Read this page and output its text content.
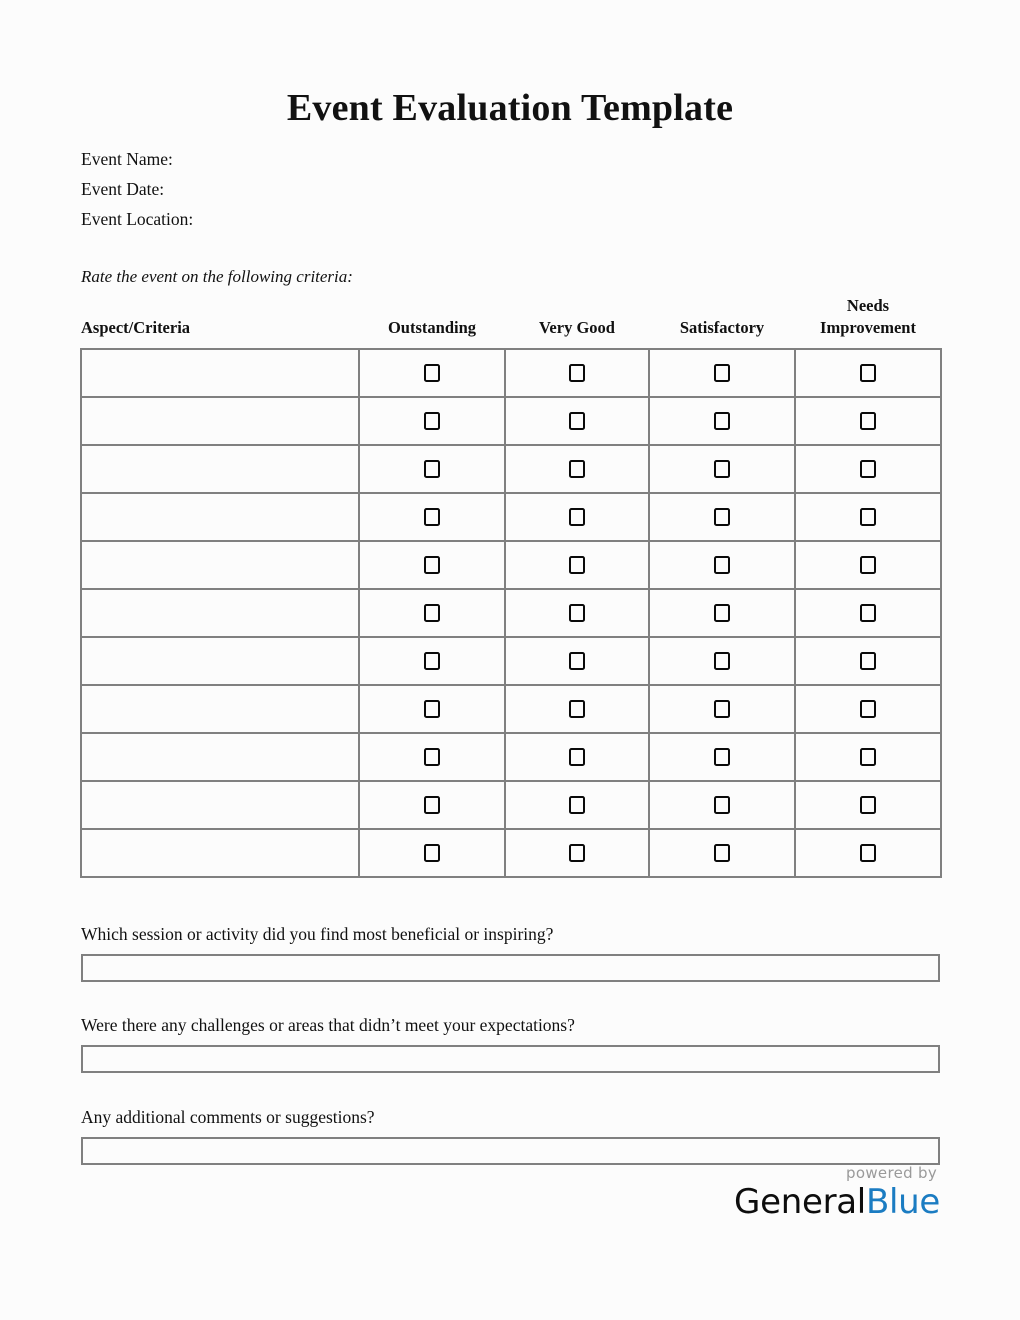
Event Evaluation Template
Event Name:
Event Date:
Event Location:
Rate the event on the following criteria:
Aspect/Criteria	Outstanding	Very Good	Satisfactory	Needs
Improvement

Which session or activity did you find most beneficial or inspiring?
Were there any challenges or areas that didn’t meet your expectations?
Any additional comments or suggestions?
powered by
GeneralBlue
